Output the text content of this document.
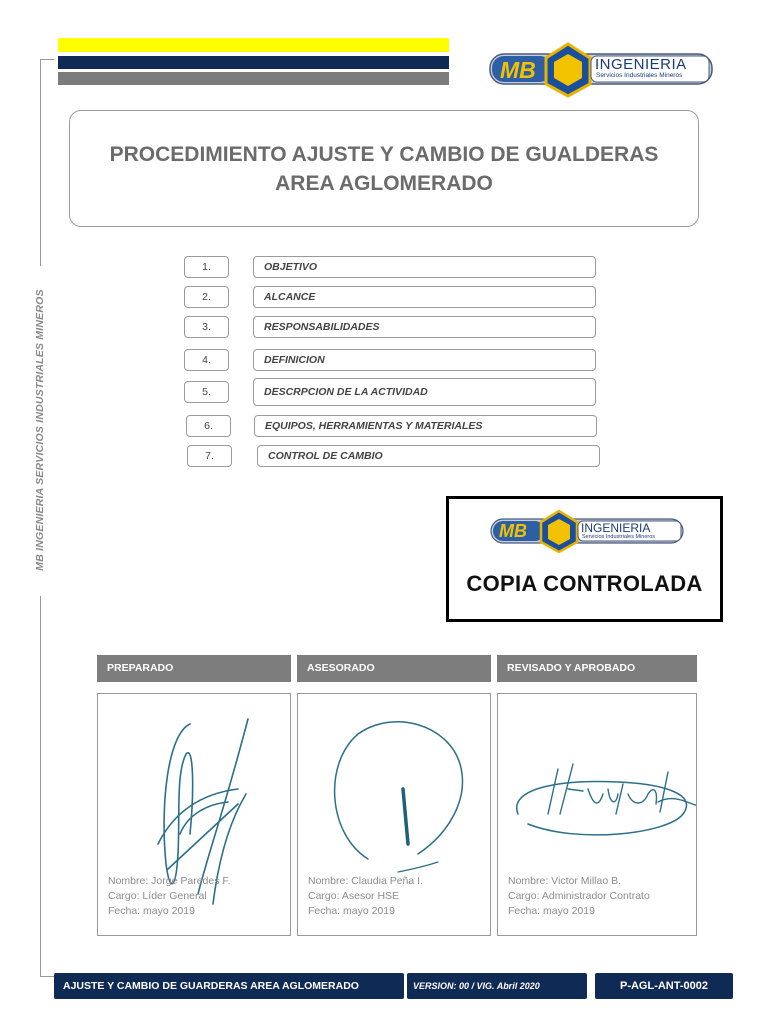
MB	INGENIERIA
Servicios Industriales Mineros
MB INGENIERIA SERVICIOS INDUSTRIALES MINEROS
PROCEDIMIENTO AJUSTE Y CAMBIO DE GUALDERAS
AREA AGLOMERADO
1.	OBJETIVO
2.	ALCANCE
3.	RESPONSABILIDADES
4.	DEFINICION
5.	DESCRPCION DE LA ACTIVIDAD
6.	EQUIPOS, HERRAMIENTAS Y MATERIALES
7.	CONTROL DE CAMBIO
MB	INGENIERIA
Servicios Industriales Mineros
COPIA CONTROLADA
PREPARADO	ASESORADO	REVISADO Y APROBADO
Nombre: Jorge Paredes F.
Cargo: Líder General
Fecha: mayo 2019
Nombre: Claudia Peña I.
Cargo: Asesor HSE
Fecha: mayo 2019
Nombre: Victor Millao B.
Cargo: Administrador Contrato
Fecha: mayo 2019
AJUSTE Y CAMBIO DE GUARDERAS AREA AGLOMERADO	VERSION: 00 / VIG. Abril 2020	P-AGL-ANT-0002
